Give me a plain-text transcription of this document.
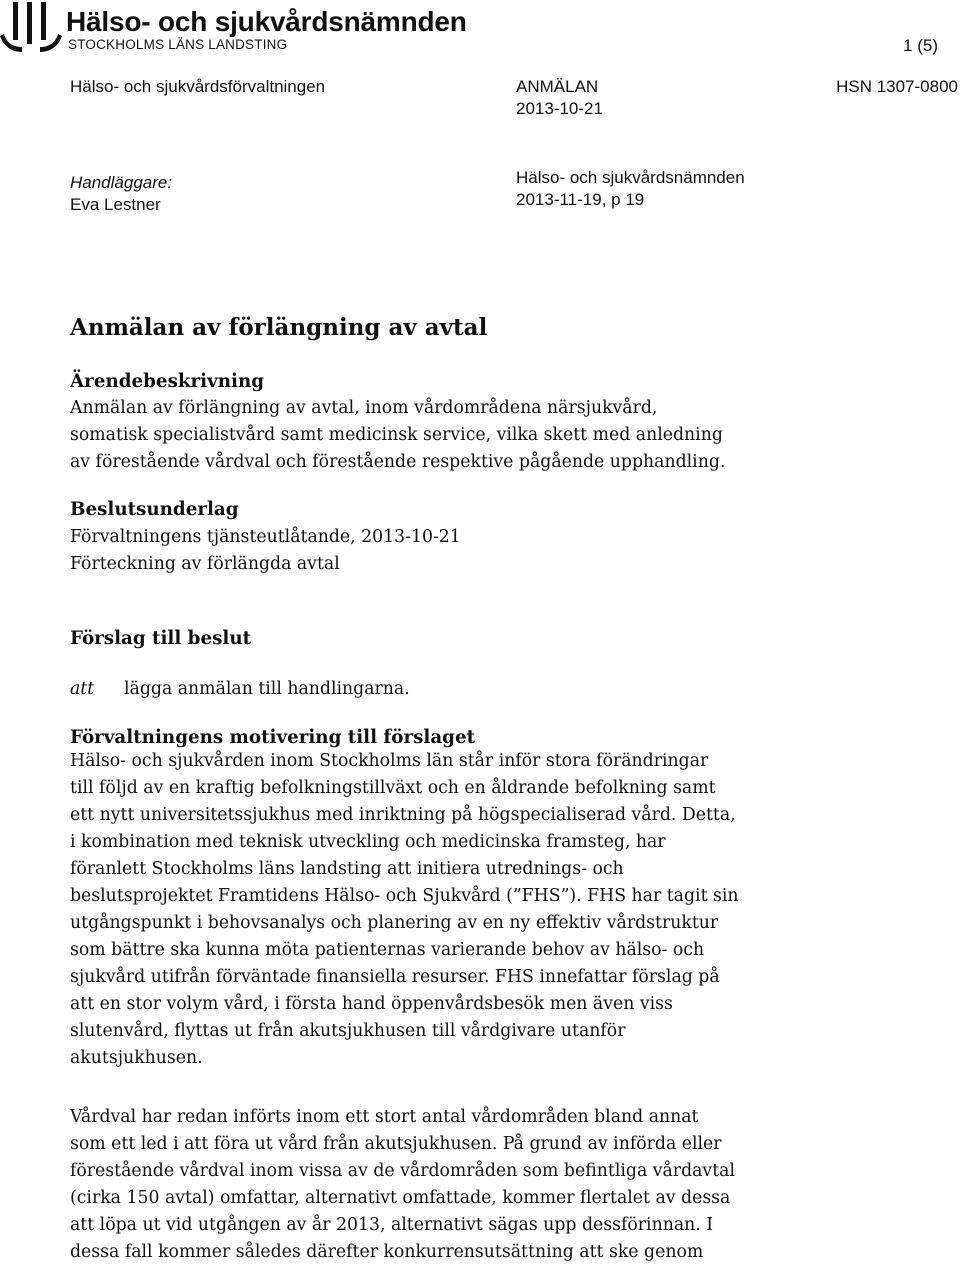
Hälso- och sjukvårdsnämnden
STOCKHOLMS LÄNS LANDSTING	1 (5)
Hälso- och sjukvårdsförvaltningen	ANMÄLAN
2013-10-21
HSN 1307-0800
Handläggare:
Eva Lestner
Hälso- och sjukvårdsnämnden
2013-11-19, p 19
Anmälan av förlängning av avtal
Ärendebeskrivning
Anmälan av förlängning av avtal, inom vårdområdena närsjukvård,
somatisk specialistvård samt medicinsk service, vilka skett med anledning
av förestående vårdval och förestående respektive pågående upphandling.
Beslutsunderlag
Förvaltningens tjänsteutlåtande, 2013-10-21
Förteckning av förlängda avtal
Förslag till beslut
att lägga anmälan till handlingarna.
Förvaltningens motivering till förslaget
Hälso- och sjukvården inom Stockholms län står inför stora förändringar
till följd av en kraftig befolkningstillväxt och en åldrande befolkning samt
ett nytt universitetssjukhus med inriktning på högspecialiserad vård. Detta,
i kombination med teknisk utveckling och medicinska framsteg, har
föranlett Stockholms läns landsting att initiera utrednings- och
beslutsprojektet Framtidens Hälso- och Sjukvård (”FHS”). FHS har tagit sin
utgångspunkt i behovsanalys och planering av en ny effektiv vårdstruktur
som bättre ska kunna möta patienternas varierande behov av hälso- och
sjukvård utifrån förväntade finansiella resurser. FHS innefattar förslag på
att en stor volym vård, i första hand öppenvårdsbesök men även viss
slutenvård, flyttas ut från akutsjukhusen till vårdgivare utanför
akutsjukhusen.
Vårdval har redan införts inom ett stort antal vårdområden bland annat
som ett led i att föra ut vård från akutsjukhusen. På grund av införda eller
förestående vårdval inom vissa av de vårdområden som befintliga vårdavtal
(cirka 150 avtal) omfattar, alternativt omfattade, kommer flertalet av dessa
att löpa ut vid utgången av år 2013, alternativt sägas upp dessförinnan. I
dessa fall kommer således därefter konkurrensutsättning att ske genom
